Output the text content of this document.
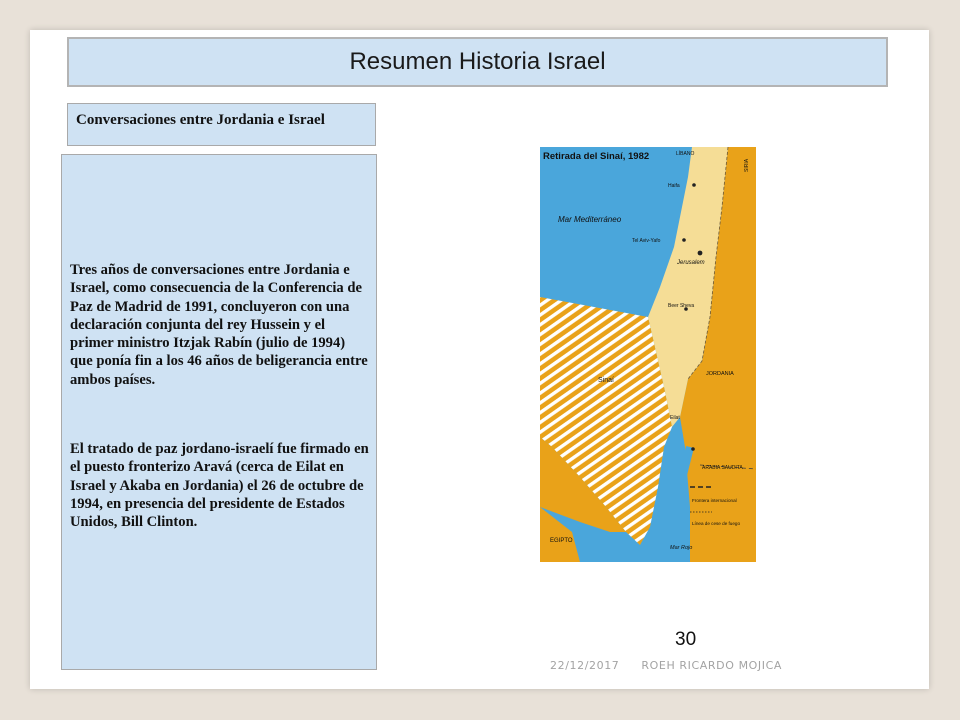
Resumen Historia Israel
Conversaciones entre Jordania e Israel

Tres años de conversaciones entre Jordania e Israel, como consecuencia de la Conferencia de Paz de Madrid de 1991, concluyeron con una declaración conjunta del rey Hussein y el primer ministro Itzjak Rabín (julio de 1994) que ponía fin a los 46 años de beligerancia entre ambos países.

El tratado de paz jordano-israelí fue firmado en el puesto fronterizo Aravá (cerca de Eilat en Israel y Akaba en Jordania) el 26 de octubre de 1994, en presencia del presidente de Estados Unidos, Bill Clinton.

Retirada del Sinaí, 1982	LÍBANO
SIRIA
Mar Mediterráneo
Haifa
Tel Aviv-Yafo
Jerusalem
Beer Sheva
Sinaí
JORDANIA
Eilat
ARABIA SAUDITA
Frontera internacional
Línea de cese de fuego
EGIPTO
Mar Rojo
30
22/12/2017 ROEH RICARDO MOJICA
